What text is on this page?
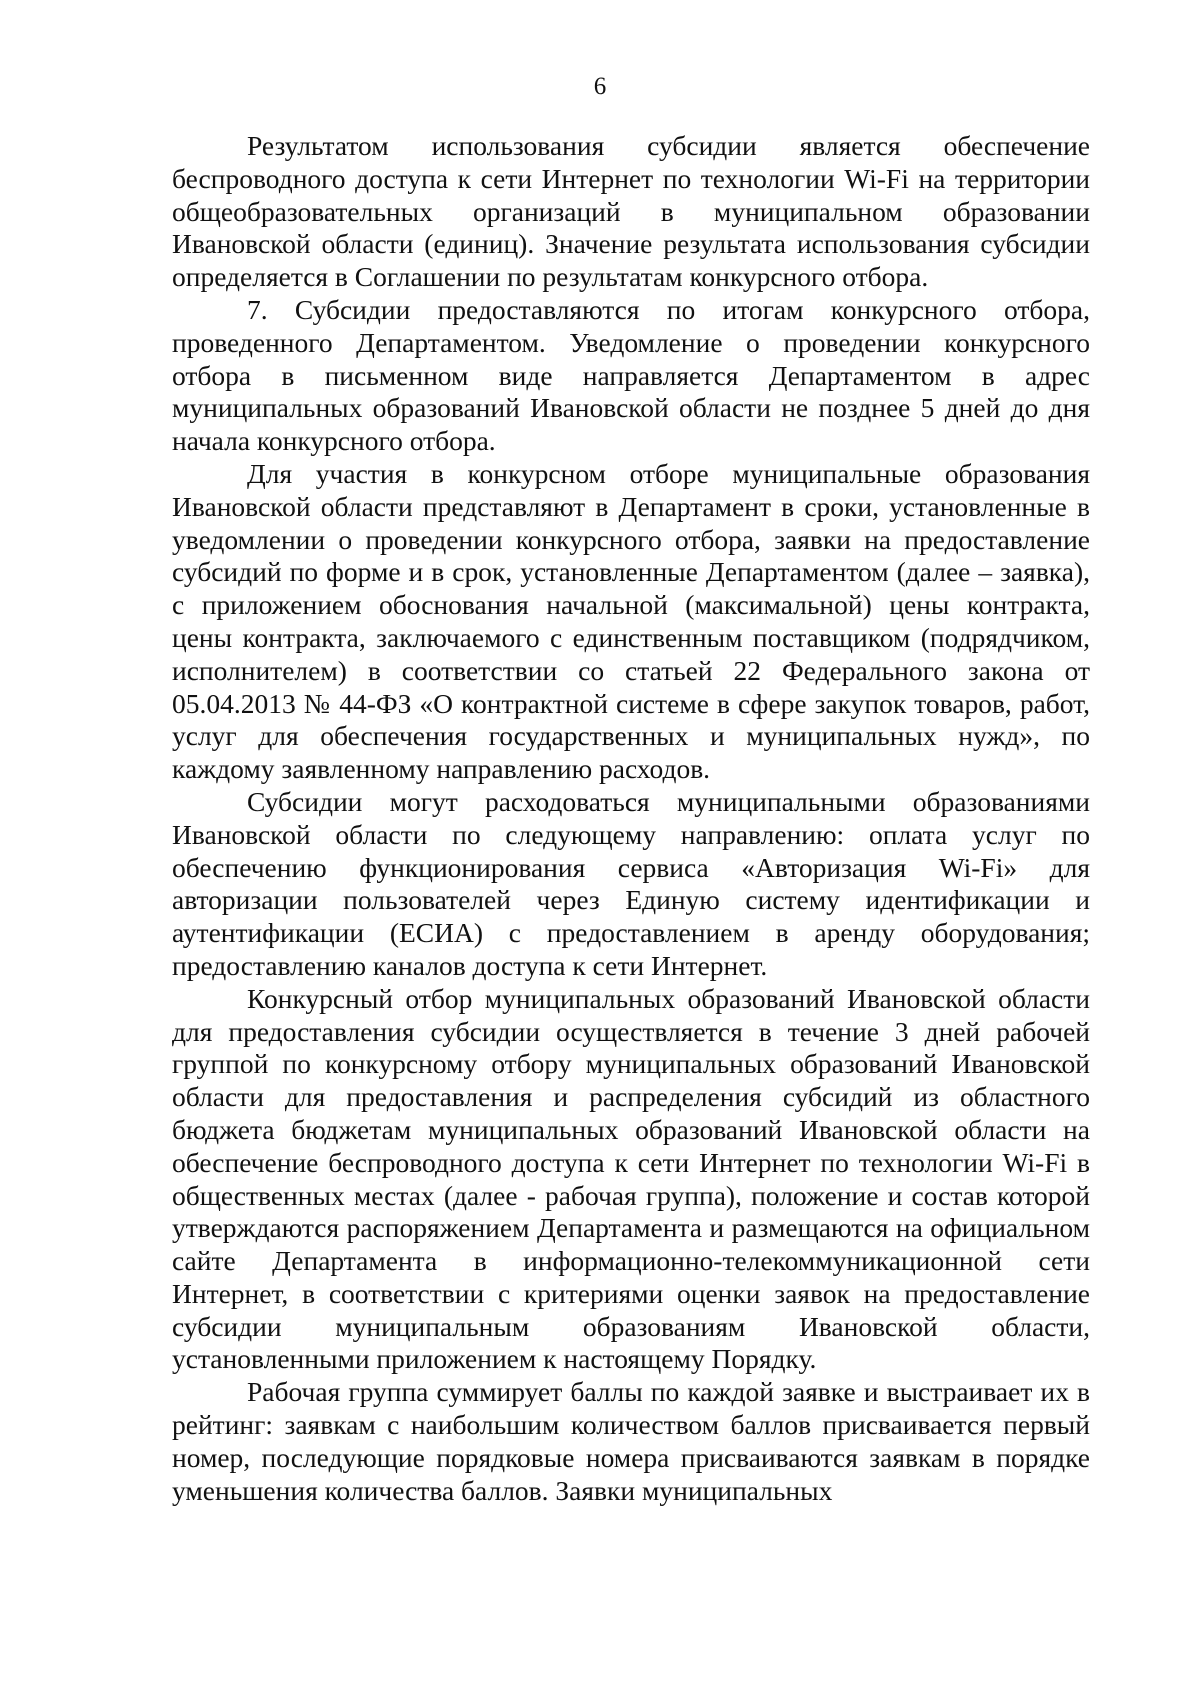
6

Результатом использования субсидии является обеспечение беспроводного доступа к сети Интернет по технологии Wi-Fi на территории общеобразовательных организаций в муниципальном образовании Ивановской области (единиц). Значение результата использования субсидии определяется в Соглашении по результатам конкурсного отбора.

7. Субсидии предоставляются по итогам конкурсного отбора, проведенного Департаментом. Уведомление о проведении конкурсного отбора в письменном виде направляется Департаментом в адрес муниципальных образований Ивановской области не позднее 5 дней до дня начала конкурсного отбора.

Для участия в конкурсном отборе муниципальные образования Ивановской области представляют в Департамент в сроки, установленные в уведомлении о проведении конкурсного отбора, заявки на предоставление субсидий по форме и в срок, установленные Департаментом (далее – заявка), с приложением обоснования начальной (максимальной) цены контракта, цены контракта, заключаемого с единственным поставщиком (подрядчиком, исполнителем) в соответствии со статьей 22 Федерального закона от 05.04.2013 № 44-ФЗ «О контрактной системе в сфере закупок товаров, работ, услуг для обеспечения государственных и муниципальных нужд», по каждому заявленному направлению расходов.

Субсидии могут расходоваться муниципальными образованиями Ивановской области по следующему направлению: оплата услуг по обеспечению функционирования сервиса «Авторизация Wi-Fi» для авторизации пользователей через Единую систему идентификации и аутентификации (ЕСИА) с предоставлением в аренду оборудования; предоставлению каналов доступа к сети Интернет.

Конкурсный отбор муниципальных образований Ивановской области для предоставления субсидии осуществляется в течение 3 дней рабочей группой по конкурсному отбору муниципальных образований Ивановской области для предоставления и распределения субсидий из областного бюджета бюджетам муниципальных образований Ивановской области на обеспечение беспроводного доступа к сети Интернет по технологии Wi-Fi в общественных местах (далее - рабочая группа), положение и состав которой утверждаются распоряжением Департамента и размещаются на официальном сайте Департамента в информационно-телекоммуникационной сети Интернет, в соответствии с критериями оценки заявок на предоставление субсидии муниципальным образованиям Ивановской области, установленными приложением к настоящему Порядку.

Рабочая группа суммирует баллы по каждой заявке и выстраивает их в рейтинг: заявкам с наибольшим количеством баллов присваивается первый номер, последующие порядковые номера присваиваются заявкам в порядке уменьшения количества баллов. Заявки муниципальных
